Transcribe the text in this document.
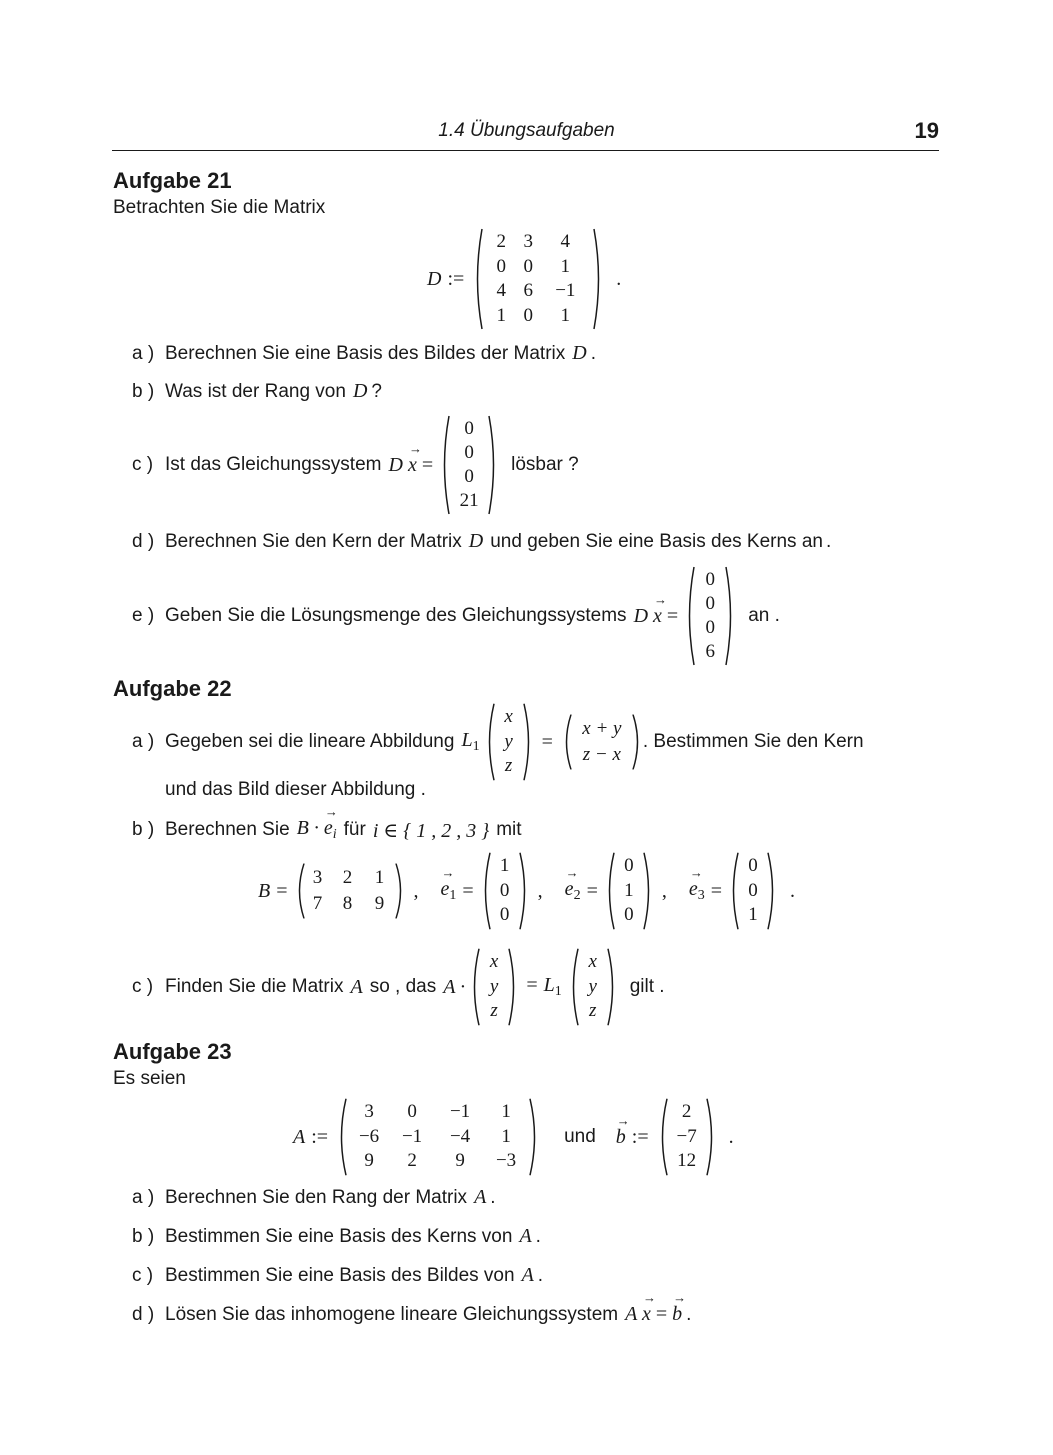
1.4 Übungsaufgaben	19
Aufgabe 21
Betrachten Sie die Matrix
D :=
2 3	4
0 0	1
4 6	−1
1 0	1
.
a ) Berechnen Sie eine Basis des Bildes der Matrix D .
b ) Was ist der Rang von D ?
c ) Ist das Gleichungssystem D → x =
0
0
0
21
lösbar ?
d ) Berechnen Sie den Kern der Matrix D und geben Sie eine Basis des Kerns an .
e ) Geben Sie die Lösungsmenge des Gleichungssystems D → x =
0
0
0
6
an .
Aufgabe 22
a ) Gegeben sei die lineare Abbildung $L_1$
x
y
z
=
x + y
z − x
. Bestimmen Sie den Kern
und das Bild dieser Abbildung .
b ) Berechnen Sie B · → $e_i$ für i ∈ { 1 , 2 , 3 } mit
B =
3	2	1
7	8	9
, → $e_1$ =
1
0
0
, → $e_2$ =
0
1
0
, → $e_3$ =
0
0
1
.
c ) Finden Sie die Matrix A so , das A ·
x
y
z
= $L_1$
x
y
z
gilt .
Aufgabe 23
Es seien
A :=
3	0	−1	1
−6	−1	−4	1
9	2	9	−3
und → b :=
2
−7
12
.
a ) Berechnen Sie den Rang der Matrix A .
b ) Bestimmen Sie eine Basis des Kerns von A .
c ) Bestimmen Sie eine Basis des Bildes von A .
d ) Lösen Sie das inhomogene lineare Gleichungssystem A → x = → b .
